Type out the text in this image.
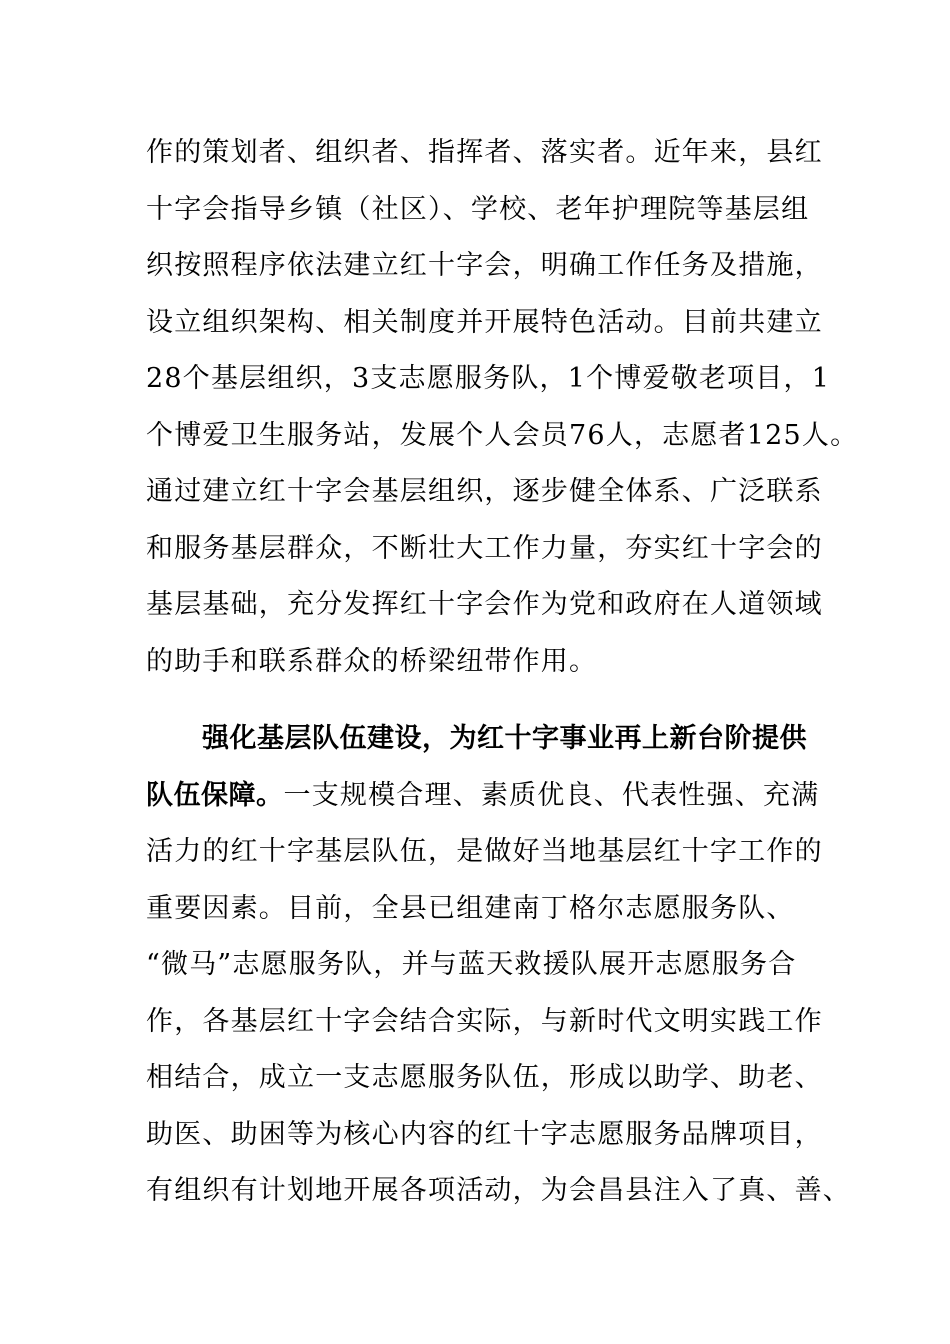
作的策划者、组织者、指挥者、落实者。近年来，县红
十字会指导乡镇（社区）、学校、老年护理院等基层组
织按照程序依法建立红十字会，明确工作任务及措施，
设立组织架构、相关制度并开展特色活动。目前共建立
28个基层组织，3支志愿服务队，1个博爱敬老项目，1
个博爱卫生服务站，发展个人会员76人，志愿者125人。
通过建立红十字会基层组织，逐步健全体系、广泛联系
和服务基层群众，不断壮大工作力量，夯实红十字会的
基层基础，充分发挥红十字会作为党和政府在人道领域
的助手和联系群众的桥梁纽带作用。
强化基层队伍建设，为红十字事业再上新台阶提供
队伍保障。一支规模合理、素质优良、代表性强、充满
活力的红十字基层队伍，是做好当地基层红十字工作的
重要因素。目前，全县已组建南丁格尔志愿服务队、
“微马”志愿服务队，并与蓝天救援队展开志愿服务合
作，各基层红十字会结合实际，与新时代文明实践工作
相结合，成立一支志愿服务队伍，形成以助学、助老、
助医、助困等为核心内容的红十字志愿服务品牌项目，
有组织有计划地开展各项活动，为会昌县注入了真、善、
